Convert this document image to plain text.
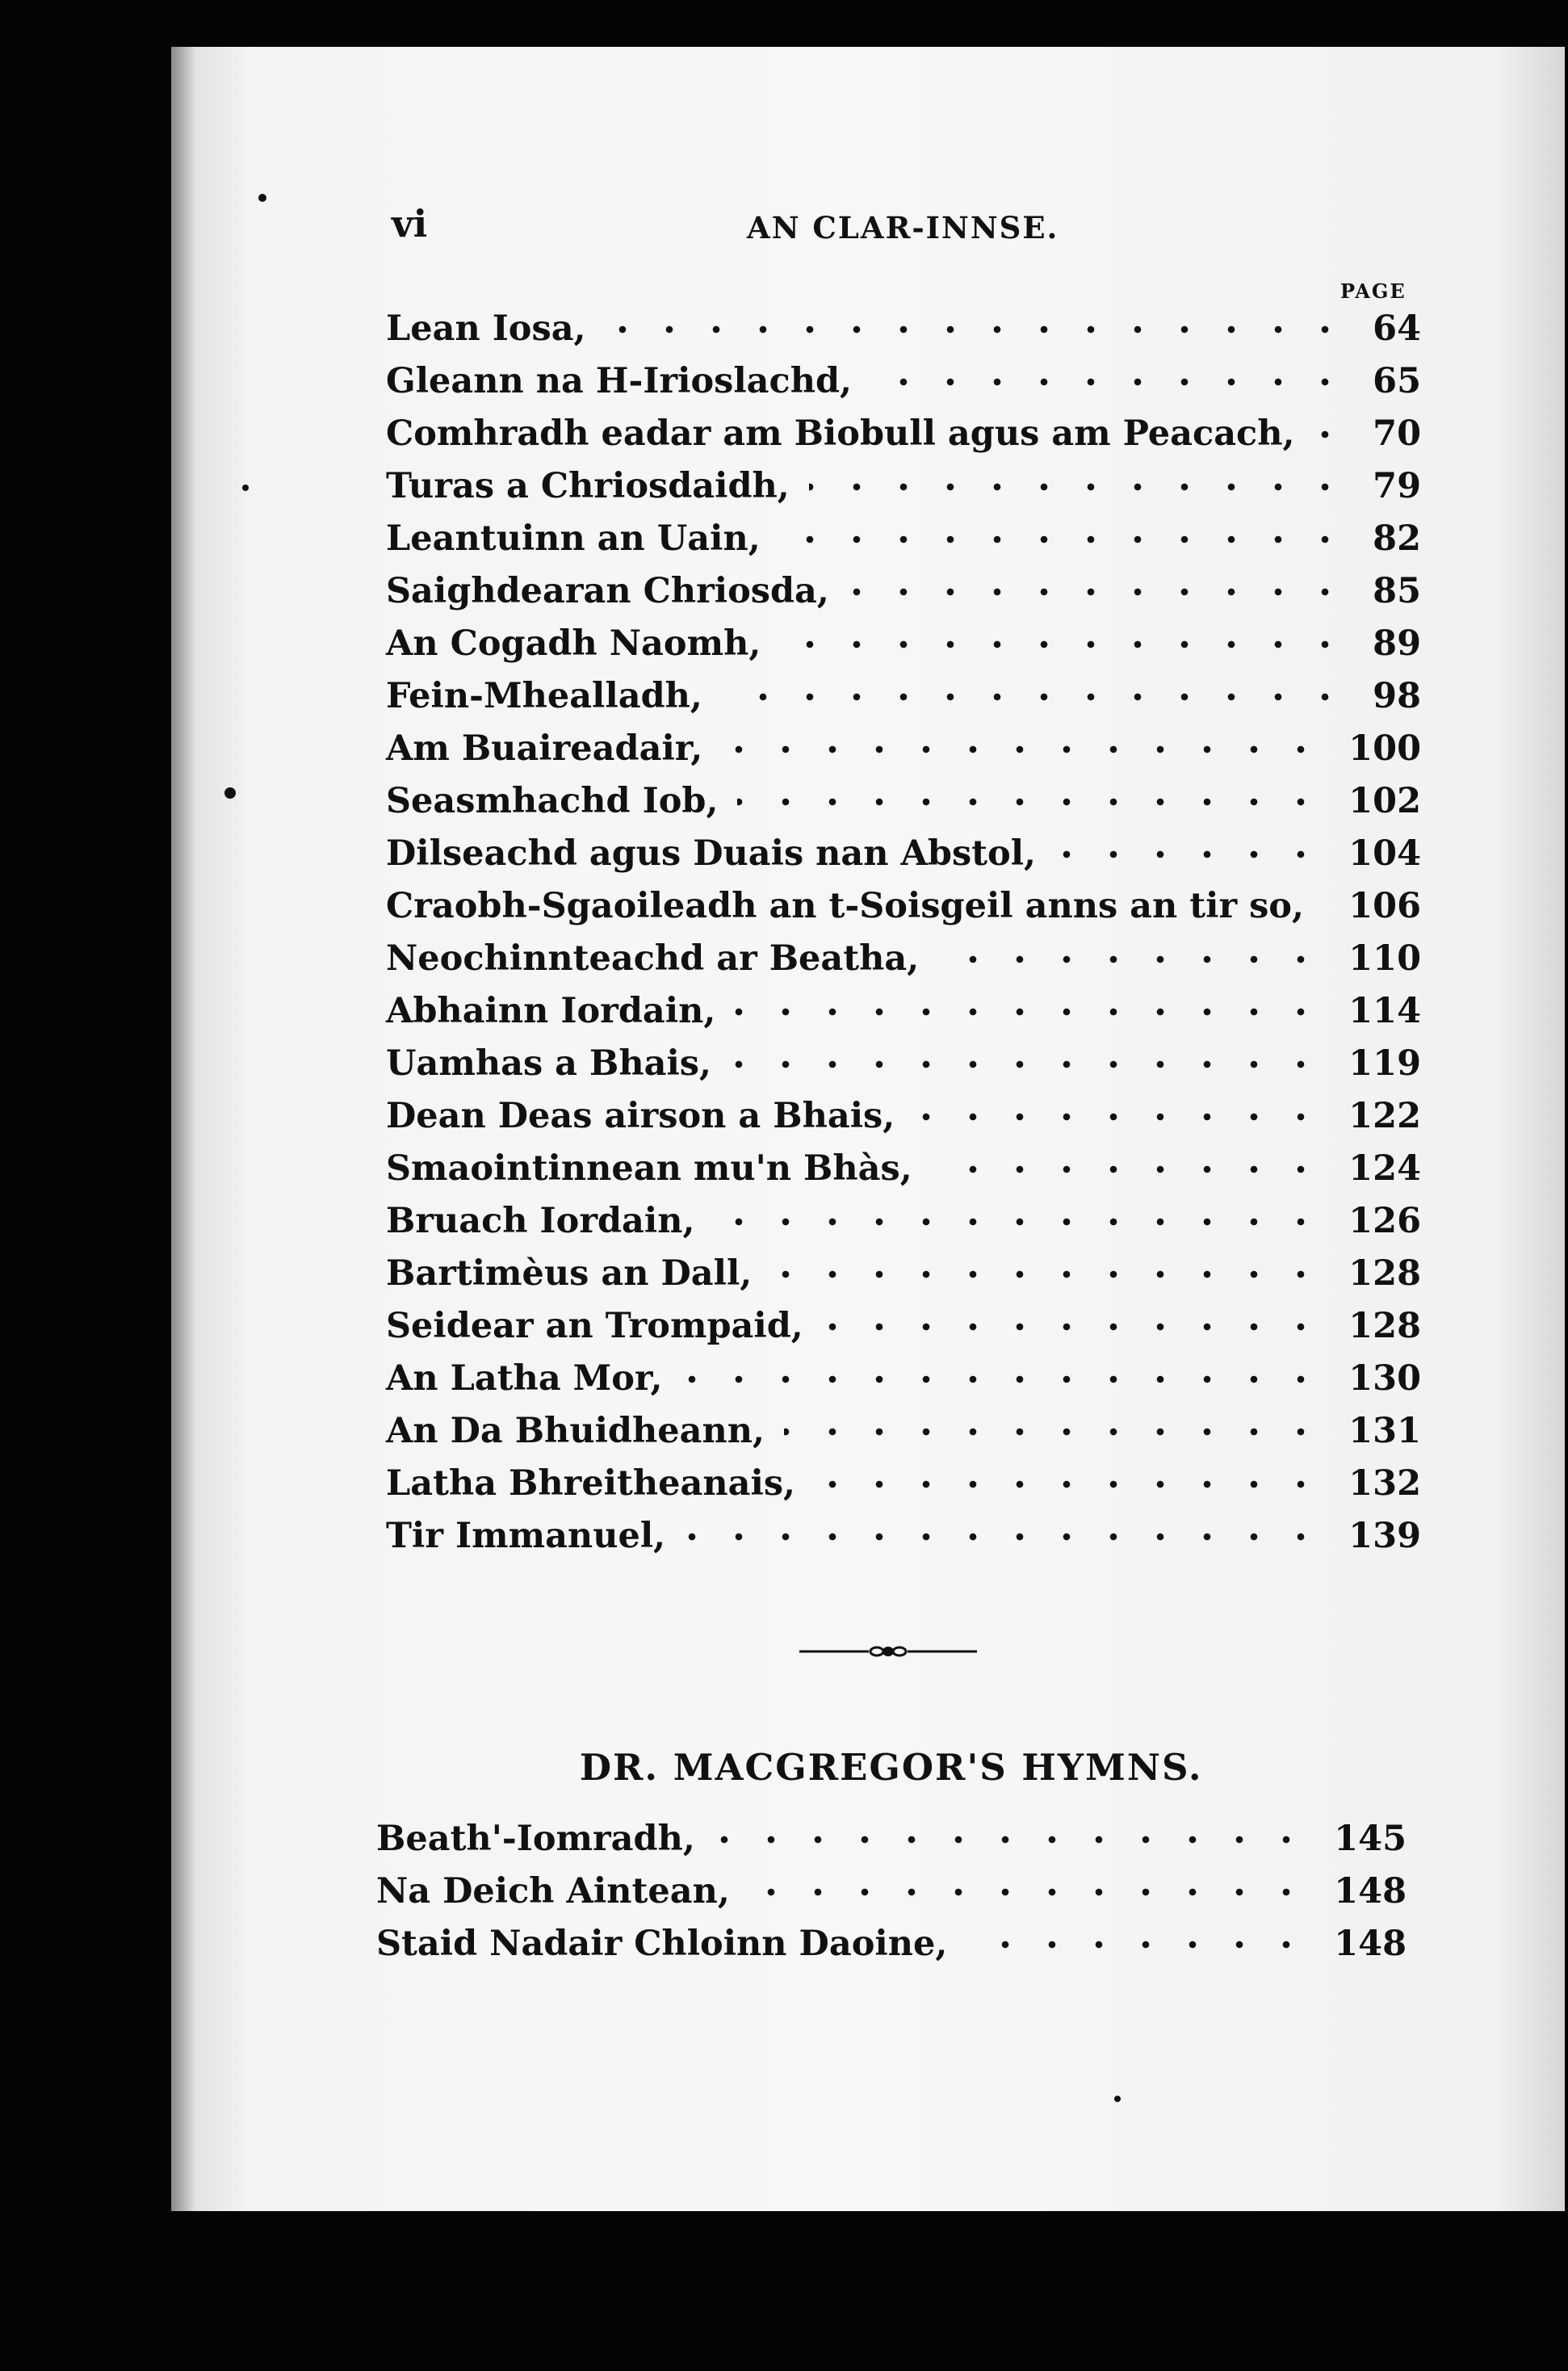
vi	AN CLAR-INNSE.
PAGE
Lean Iosa,	64
Gleann na H-Irioslachd,	65
Comhradh eadar am Biobull agus am Peacach, 70
Turas a Chriosdaidh,	79
Leantuinn an Uain,	82
Saighdearan Chriosda,	85
An Cogadh Naomh,	89
Fein-Mhealladh,	98
Am Buaireadair,	100
Seasmhachd Iob,	102
Dilseachd agus Duais nan Abstol,	104
Craobh-Sgaoileadh an t-Soisgeil anns an tir so, 106
Neochinnteachd ar Beatha,	110
Abhainn Iordain,	114
Uamhas a Bhais,	119
Dean Deas airson a Bhais,	122
Smaointinnean mu'n Bhàs,	124
Bruach Iordain,	126
Bartimèus an Dall,	128
Seidear an Trompaid,	128
An Latha Mor,	130
An Da Bhuidheann,	131
Latha Bhreitheanais,	132
Tir Immanuel,	139
DR. MACGREGOR'S HYMNS.
Beath'-Iomradh,	145
Na Deich Aintean,	148
Staid Nadair Chloinn Daoine,	148
